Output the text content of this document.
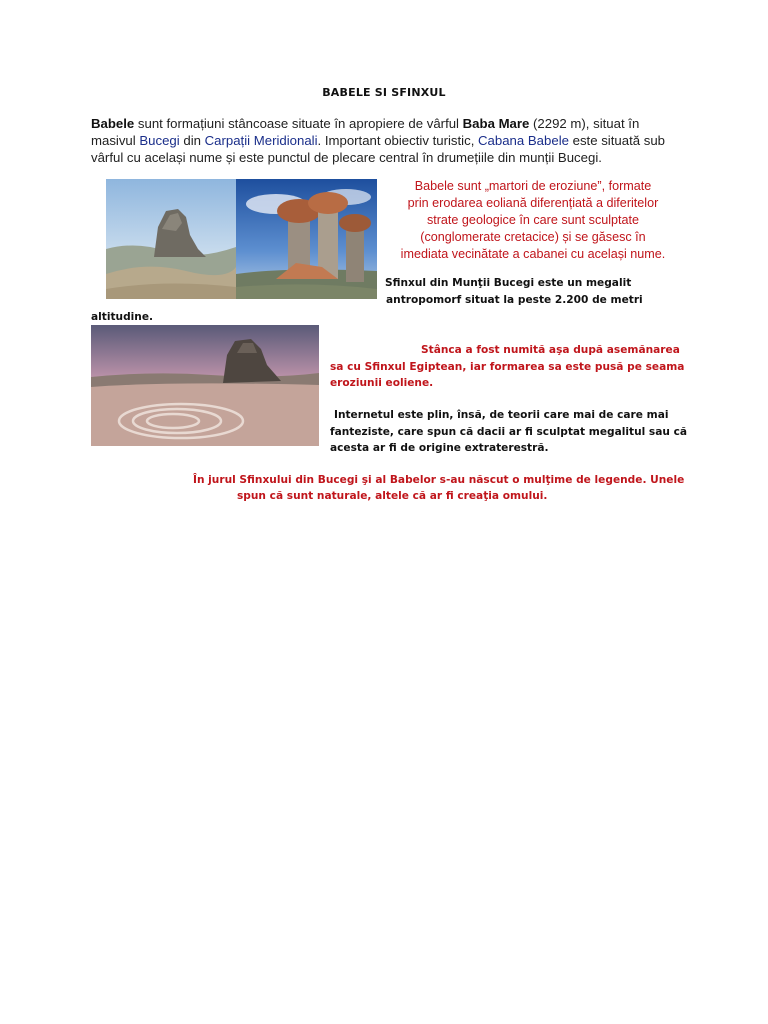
BABELE SI SFINXUL
Babele sunt formațiuni stâncoase situate în apropiere de vârful Baba Mare (2292 m), situat în masivul Bucegi din Carpații Meridionali. Important obiectiv turistic, Cabana Babele este situată sub vârful cu același nume și este punctul de plecare central în drumețiile din munții Bucegi.
Babele sunt „martori de eroziune”, formate
prin erodarea eoliană diferențiată a diferitelor
strate geologice în care sunt sculptate
(conglomerate cretacice) și se găsesc în
imediata vecinătate a cabanei cu același nume.
Sfinxul din Munţii Bucegi este un megalit
antropomorf situat la peste 2.200 de metri
altitudine.
Stânca a fost numită aşa după asemănarea
sa cu Sfinxul Egiptean, iar formarea sa este pusă pe seama
eroziunii eoliene.
Internetul este plin, însă, de teorii care mai de care mai
fanteziste, care spun că dacii ar fi sculptat megalitul sau că
acesta ar fi de origine extraterestră.
În jurul Sfinxului din Bucegi şi al Babelor s-au născut o mulţime de legende. Unele
spun că sunt naturale, altele că ar fi creaţia omului.
